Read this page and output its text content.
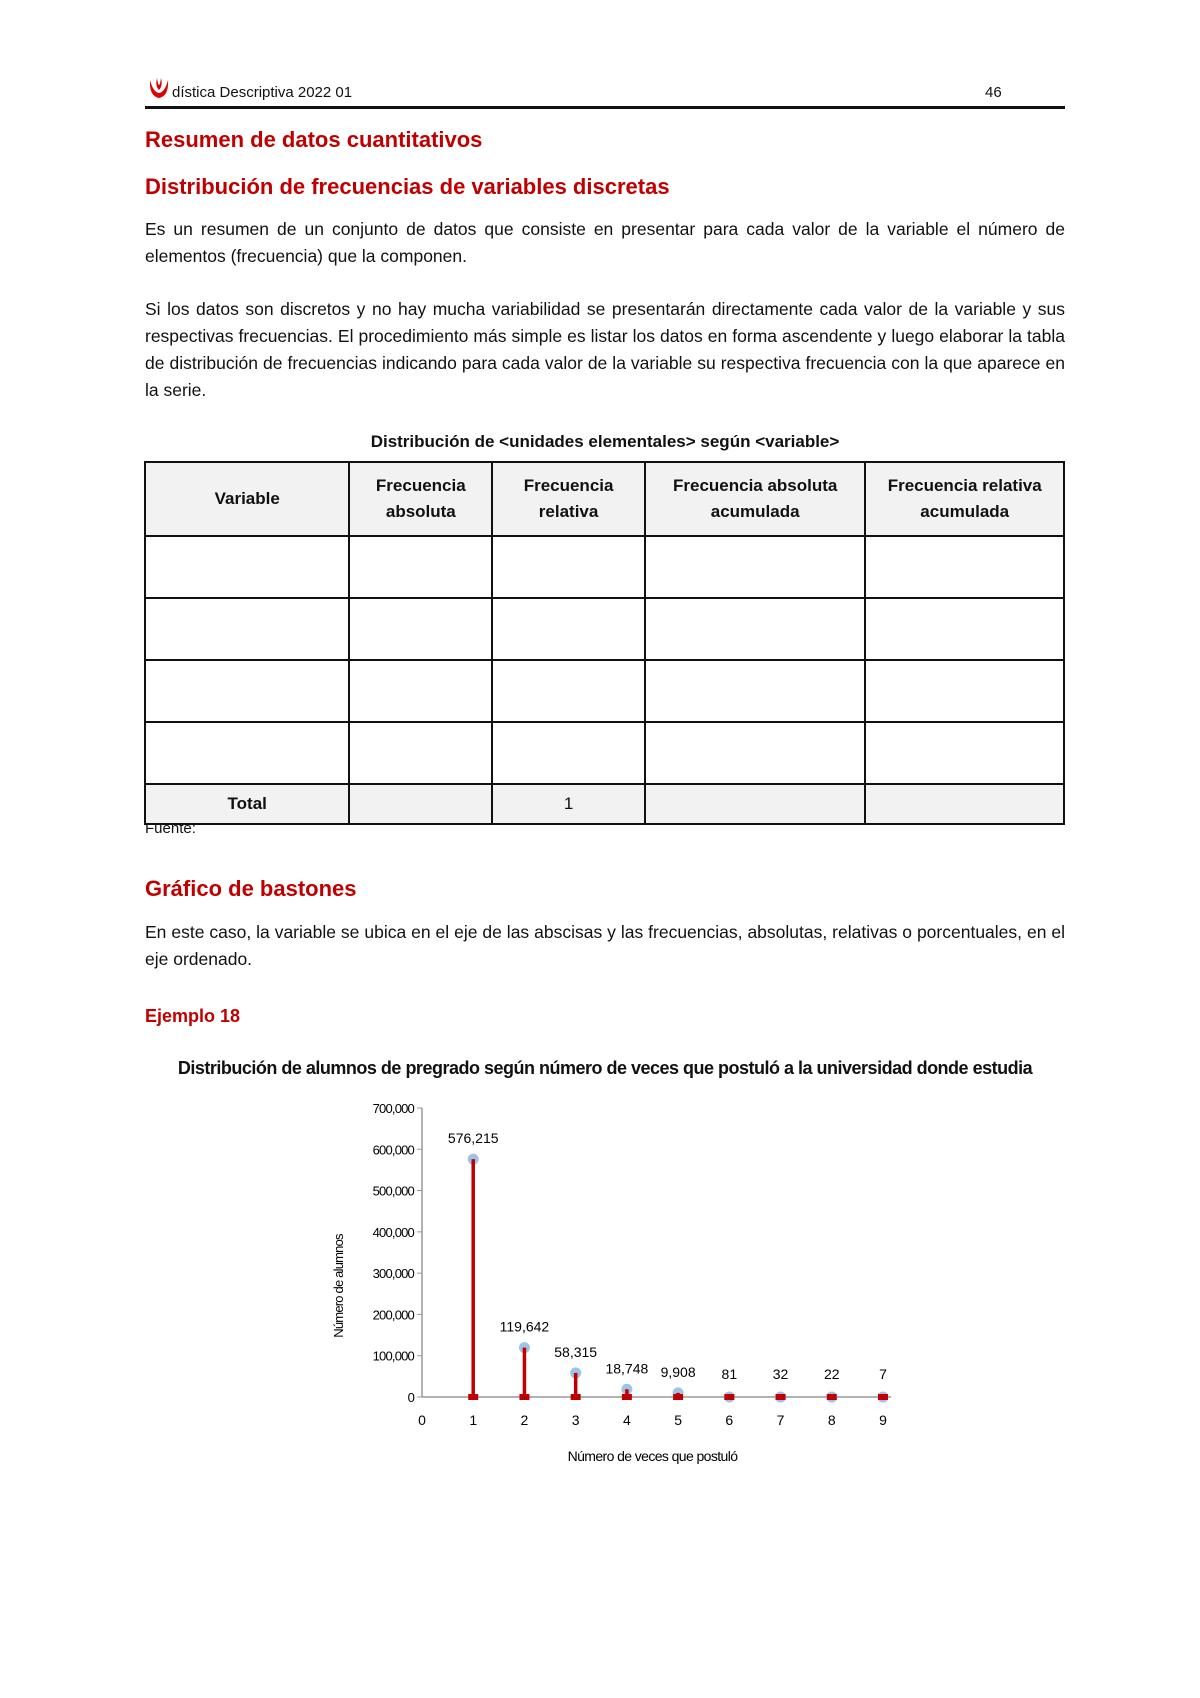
dística Descriptiva 2022 01	46
Resumen de datos cuantitativos
Distribución de frecuencias de variables discretas

Es un resumen de un conjunto de datos que consiste en presentar para cada valor de la variable el número de elementos (frecuencia) que la componen.

Si los datos son discretos y no hay mucha variabilidad se presentarán directamente cada valor de la variable y sus respectivas frecuencias. El procedimiento más simple es listar los datos en forma ascendente y luego elaborar la tabla de distribución de frecuencias indicando para cada valor de la variable su respectiva frecuencia con la que aparece en la serie.

Distribución de <unidades elementales> según <variable>
Variable	Frecuencia absoluta	Frecuencia relativa	Frecuencia absoluta acumulada	Frecuencia relativa acumulada

Total		1		
Fuente:
Gráfico de bastones

En este caso, la variable se ubica en el eje de las abscisas y las frecuencias, absolutas, relativas o porcentuales, en el eje ordenado.

Ejemplo 18
Distribución de alumnos de pregrado según número de veces que postuló a la universidad donde estudia
0
100,000
200,000
300,000
400,000
500,000
600,000
700,000
0	1	2	3	4	5	6	7	8	9
576,215
119,642
58,315
18,748 9,908 81	32	22	7
Número de veces que postuló
Número de alumnos
